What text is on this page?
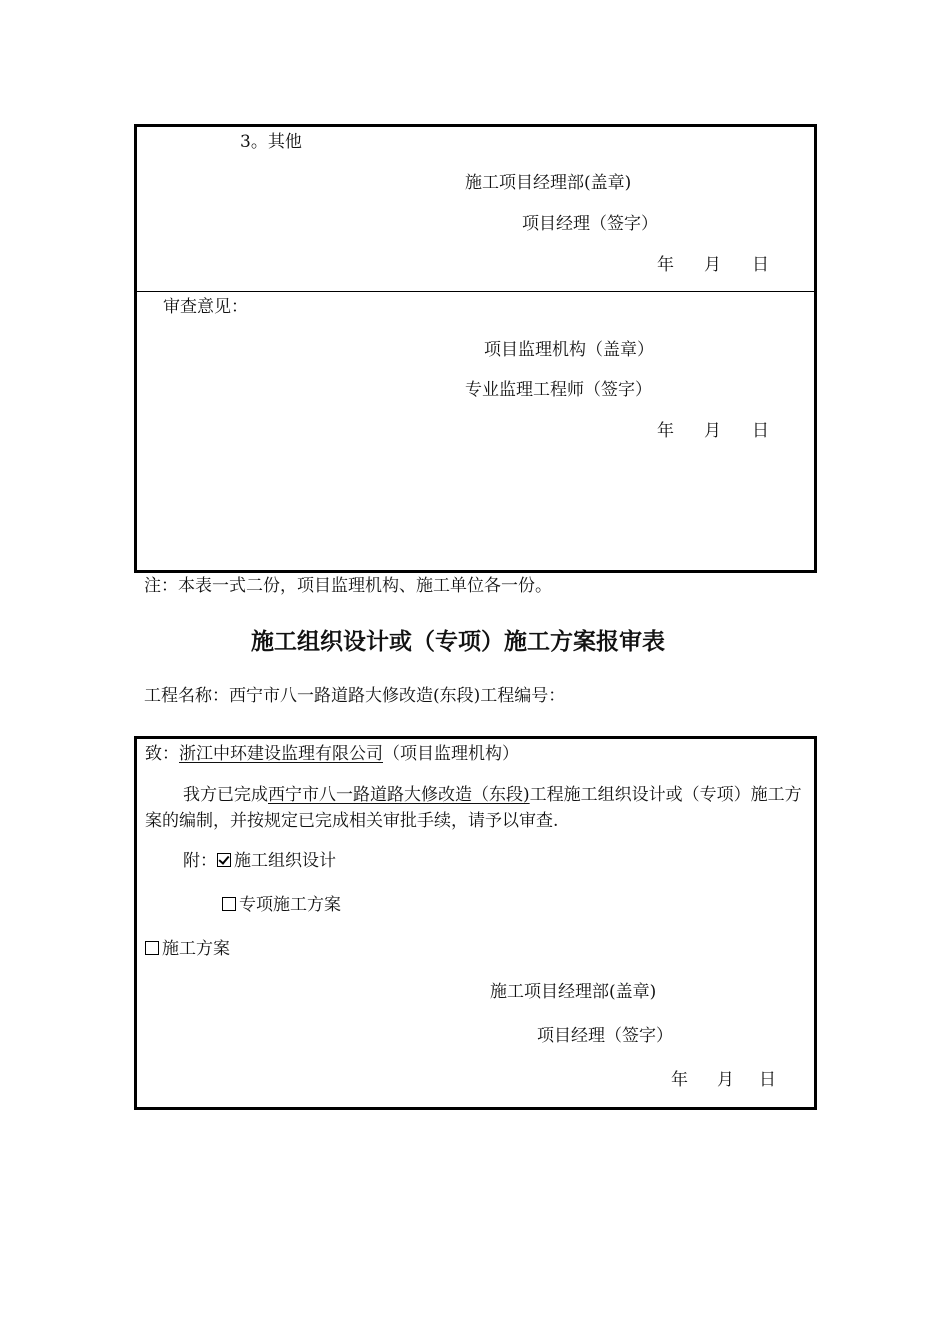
3。其他
施工项目经理部(盖章)
项目经理（签字）
年 月 日
审查意见：
项目监理机构（盖章）
专业监理工程师（签字）
年 月 日
注：本表一式二份，项目监理机构、施工单位各一份。
施工组织设计或（专项）施工方案报审表
工程名称：西宁市八一路道路大修改造(东段)工程编号：
致：浙江中环建设监理有限公司（项目监理机构）
我方已完成西宁市八一路道路大修改造（东段)工程施工组织设计或（专项）施工方案的编制，并按规定已完成相关审批手续，请予以审查.
附： 施工组织设计
专项施工方案
施工方案
施工项目经理部(盖章)
项目经理（签字）
年 月 日
